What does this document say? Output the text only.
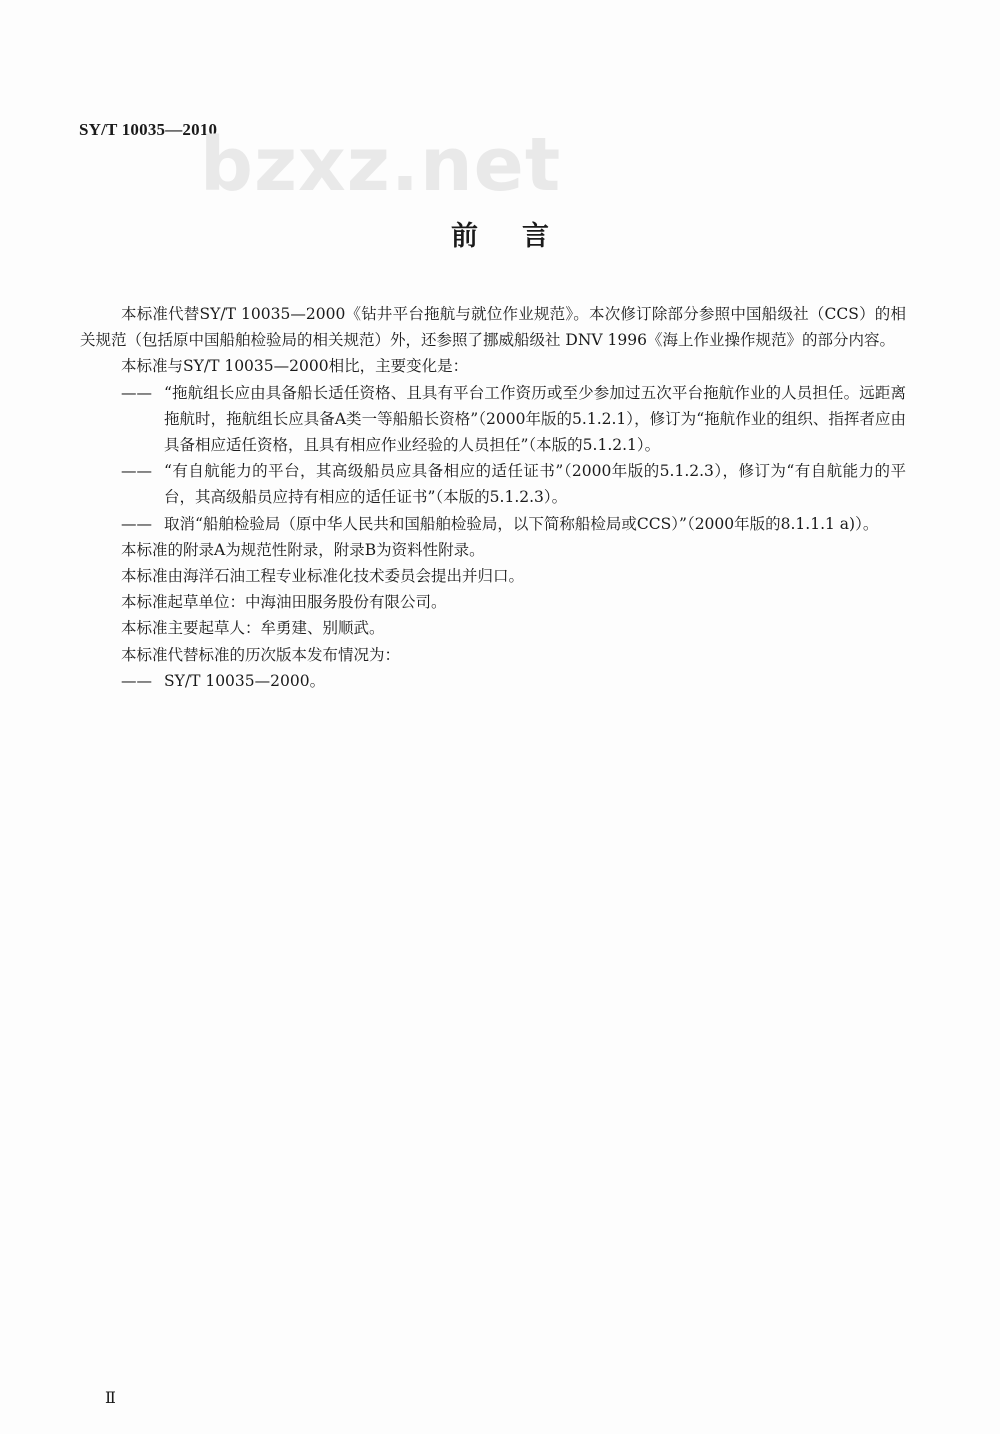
SY/T 10035—2010
bzxz.net
前言

本标准代替SY/T 10035—2000《钻井平台拖航与就位作业规范》。本次修订除部分参照中国船级社（CCS）的相关规范（包括原中国船舶检验局的相关规范）外，还参照了挪威船级社 DNV 1996《海上作业操作规范》的部分内容。

本标准与SY/T 10035—2000相比，主要变化是：

—— “拖航组长应由具备船长适任资格、且具有平台工作资历或至少参加过五次平台拖航作业的人员担任。远距离拖航时，拖航组长应具备A类一等船船长资格”（2000年版的5.1.2.1），修订为“拖航作业的组织、指挥者应由具备相应适任资格，且具有相应作业经验的人员担任”（本版的5.1.2.1）。
—— “有自航能力的平台，其高级船员应具备相应的适任证书”（2000年版的5.1.2.3），修订为“有自航能力的平台，其高级船员应持有相应的适任证书”（本版的5.1.2.3）。
—— 取消“船舶检验局（原中华人民共和国船舶检验局，以下简称船检局或CCS）”（2000年版的8.1.1.1 a)）。

本标准的附录A为规范性附录，附录B为资料性附录。

本标准由海洋石油工程专业标准化技术委员会提出并归口。

本标准起草单位：中海油田服务股份有限公司。

本标准主要起草人：牟勇建、别顺武。

本标准代替标准的历次版本发布情况为：

—— SY/T 10035—2000。
Ⅱ
